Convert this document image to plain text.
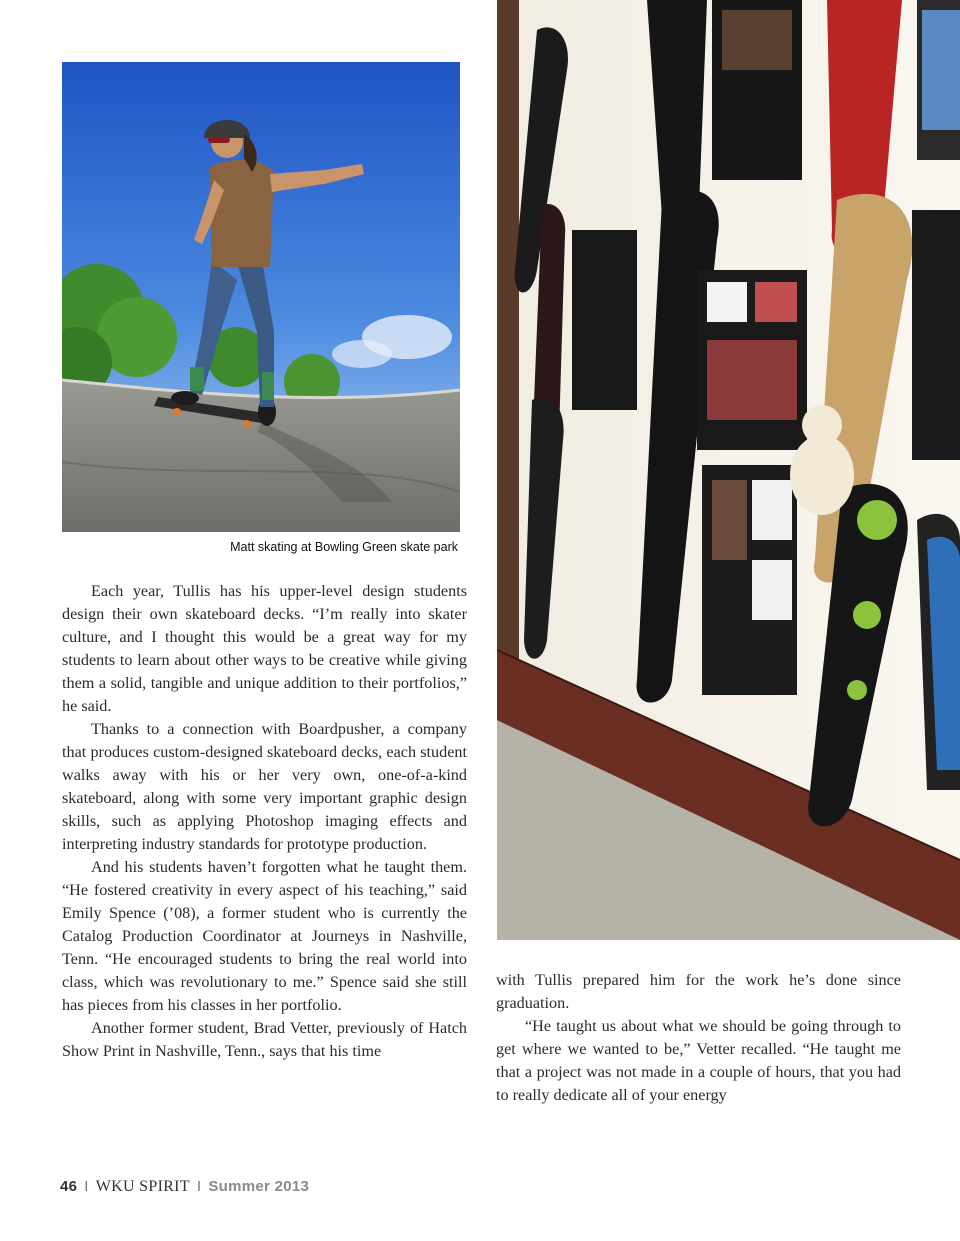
Photo Credit: Andy Tullis
Matt skating at Bowling Green skate park

Each year, Tullis has his upper-level design students design their own skateboard decks. “I’m really into skater culture, and I thought this would be a great way for my students to learn about other ways to be creative while giving them a solid, tangible and unique addition to their portfolios,” he said.

Thanks to a connection with Boardpusher, a company that produces custom-designed skateboard decks, each student walks away with his or her very own, one-of-a-kind skateboard, along with some very important graphic design skills, such as applying Photoshop imaging effects and interpreting industry standards for prototype production.

And his students haven’t forgotten what he taught them. “He fostered creativity in every aspect of his teaching,” said Emily Spence (’08), a former student who is currently the Catalog Production Coordinator at Journeys in Nashville, Tenn. “He encouraged students to bring the real world into class, which was revolutionary to me.” Spence said she still has pieces from his classes in her portfolio.

Another former student, Brad Vetter, previously of Hatch Show Print in Nashville, Tenn., says that his time

with Tullis prepared him for the work he’s done since graduation.

“He taught us about what we should be going through to get where we wanted to be,” Vetter recalled. “He taught me that a project was not made in a couple of hours, that you had to really dedicate all of your energy

46 I WKU SPIRIT I Summer 2013
